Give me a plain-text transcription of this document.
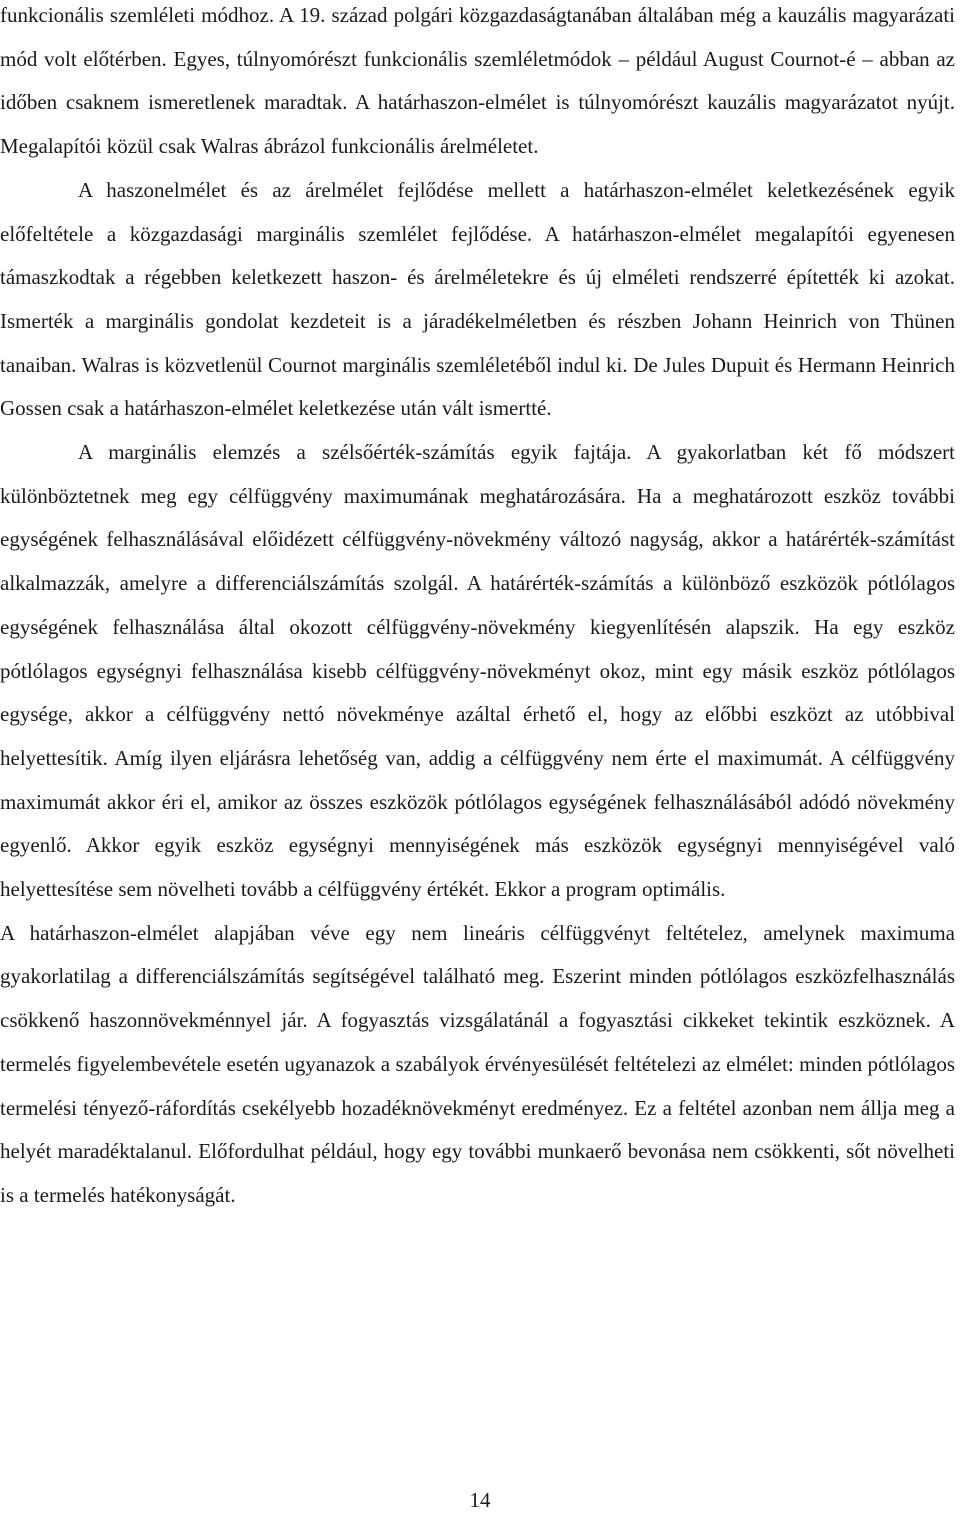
funkcionális szemléleti módhoz. A 19. század polgári közgazdaságtanában általában még a kauzális magyarázati mód volt előtérben. Egyes, túlnyomórészt funkcionális szemléletmódok – például August Cournot-é – abban az időben csaknem ismeretlenek maradtak. A határhaszon-elmélet is túlnyomórészt kauzális magyarázatot nyújt. Megalapítói közül csak Walras ábrázol funkcionális árelméletet.

A haszonelmélet és az árelmélet fejlődése mellett a határhaszon-elmélet keletkezésének egyik előfeltétele a közgazdasági marginális szemlélet fejlődése. A határhaszon-elmélet megalapítói egyenesen támaszkodtak a régebben keletkezett haszon- és árelméletekre és új elméleti rendszerré építették ki azokat. Ismerték a marginális gondolat kezdeteit is a járadékelméletben és részben Johann Heinrich von Thünen tanaiban. Walras is közvetlenül Cournot marginális szemléletéből indul ki. De Jules Dupuit és Hermann Heinrich Gossen csak a határhaszon-elmélet keletkezése után vált ismertté.

A marginális elemzés a szélsőérték-számítás egyik fajtája. A gyakorlatban két fő módszert különböztetnek meg egy célfüggvény maximumának meghatározására. Ha a meghatározott eszköz további egységének felhasználásával előidézett célfüggvény-növekmény változó nagyság, akkor a határérték-számítást alkalmazzák, amelyre a differenciálszámítás szolgál. A határérték-számítás a különböző eszközök pótlólagos egységének felhasználása által okozott célfüggvény-növekmény kiegyenlítésén alapszik. Ha egy eszköz pótlólagos egységnyi felhasználása kisebb célfüggvény-növekményt okoz, mint egy másik eszköz pótlólagos egysége, akkor a célfüggvény nettó növekménye azáltal érhető el, hogy az előbbi eszközt az utóbbival helyettesítik. Amíg ilyen eljárásra lehetőség van, addig a célfüggvény nem érte el maximumát. A célfüggvény maximumát akkor éri el, amikor az összes eszközök pótlólagos egységének felhasználásából adódó növekmény egyenlő. Akkor egyik eszköz egységnyi mennyiségének más eszközök egységnyi mennyiségével való helyettesítése sem növelheti tovább a célfüggvény értékét. Ekkor a program optimális.

A határhaszon-elmélet alapjában véve egy nem lineáris célfüggvényt feltételez, amelynek maximuma gyakorlatilag a differenciálszámítás segítségével található meg. Eszerint minden pótlólagos eszközfelhasználás csökkenő haszonnövekménnyel jár. A fogyasztás vizsgálatánál a fogyasztási cikkeket tekintik eszköznek. A termelés figyelembevétele esetén ugyanazok a szabályok érvényesülését feltételezi az elmélet: minden pótlólagos termelési tényező-ráfordítás csekélyebb hozadéknövekményt eredményez. Ez a feltétel azonban nem állja meg a helyét maradéktalanul. Előfordulhat például, hogy egy további munkaerő bevonása nem csökkenti, sőt növelheti is a termelés hatékonyságát.

14
